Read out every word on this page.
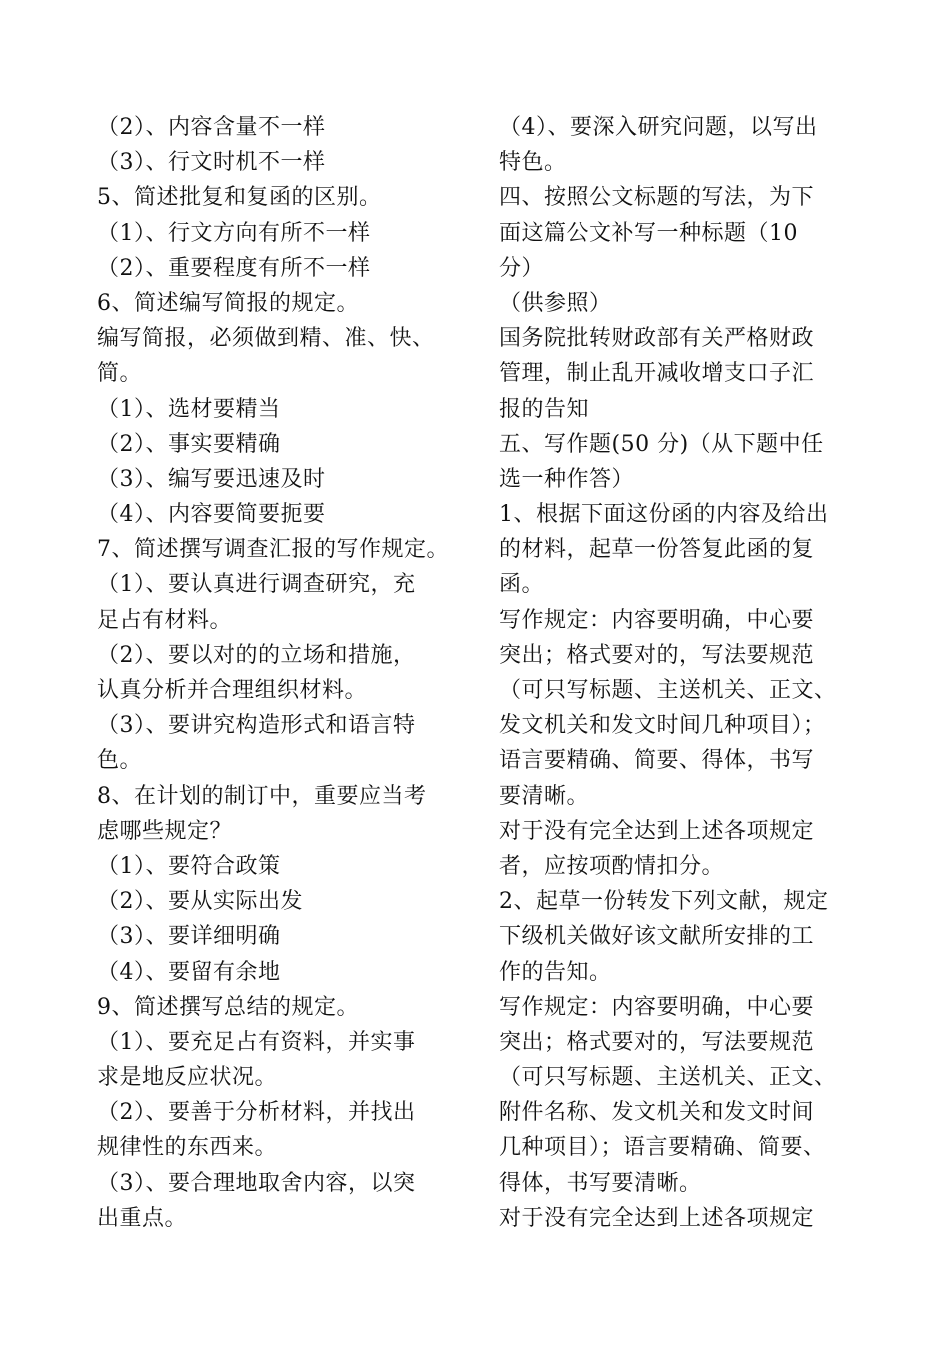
（2）、内容含量不一样
（3）、行文时机不一样
5、简述批复和复函的区别。
（1）、行文方向有所不一样
（2）、重要程度有所不一样
6、简述编写简报的规定。
编写简报，必须做到精、准、快、
简。
（1）、选材要精当
（2）、事实要精确
（3）、编写要迅速及时
（4）、内容要简要扼要
7、简述撰写调查汇报的写作规定。
（1）、要认真进行调查研究，充
足占有材料。
（2）、要以对的的立场和措施，
认真分析并合理组织材料。
（3）、要讲究构造形式和语言特
色。
8、在计划的制订中，重要应当考
虑哪些规定？
（1）、要符合政策
（2）、要从实际出发
（3）、要详细明确
（4）、要留有余地
9、简述撰写总结的规定。
（1）、要充足占有资料，并实事
求是地反应状况。
（2）、要善于分析材料，并找出
规律性的东西来。
（3）、要合理地取舍内容，以突
出重点。
（4）、要深入研究问题，以写出
特色。
四、按照公文标题的写法，为下
面这篇公文补写一种标题（10
分）
（供参照）
国务院批转财政部有关严格财政
管理，制止乱开减收增支口子汇
报的告知
五、写作题(50 分)（从下题中任
选一种作答）
1、根据下面这份函的内容及给出
的材料，起草一份答复此函的复
函。
写作规定：内容要明确，中心要
突出；格式要对的，写法要规范
（可只写标题、主送机关、正文、
发文机关和发文时间几种项目）；
语言要精确、简要、得体，书写
要清晰。
对于没有完全达到上述各项规定
者，应按项酌情扣分。
2、起草一份转发下列文献，规定
下级机关做好该文献所安排的工
作的告知。
写作规定：内容要明确，中心要
突出；格式要对的，写法要规范
（可只写标题、主送机关、正文、
附件名称、发文机关和发文时间
几种项目）；语言要精确、简要、
得体，书写要清晰。
对于没有完全达到上述各项规定
